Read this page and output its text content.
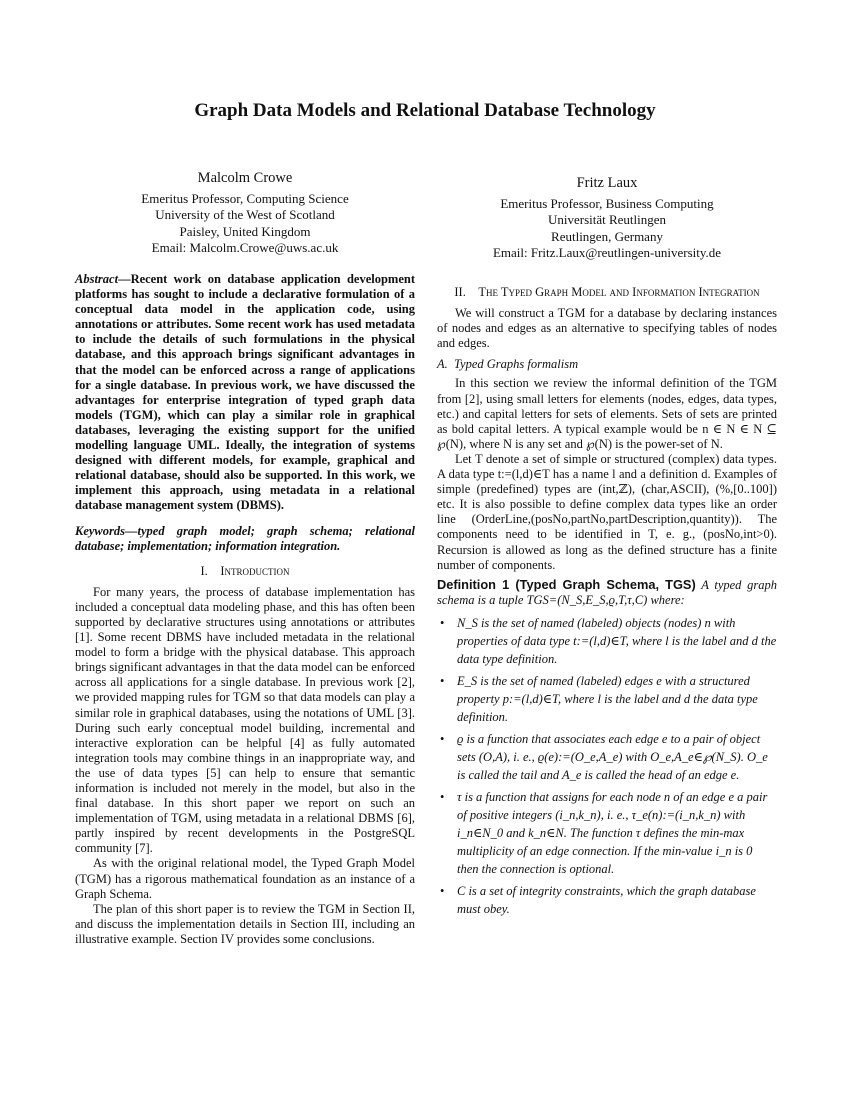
Graph Data Models and Relational Database Technology
Malcolm Crowe
Emeritus Professor, Computing Science
University of the West of Scotland
Paisley, United Kingdom
Email: Malcolm.Crowe@uws.ac.uk
Fritz Laux
Emeritus Professor, Business Computing
Universität Reutlingen
Reutlingen, Germany
Email: Fritz.Laux@reutlingen-university.de

Abstract—Recent work on database application development platforms has sought to include a declarative formulation of a conceptual data model in the application code, using annotations or attributes. Some recent work has used metadata to include the details of such formulations in the physical database, and this approach brings significant advantages in that the model can be enforced across a range of applications for a single database. In previous work, we have discussed the advantages for enterprise integration of typed graph data models (TGM), which can play a similar role in graphical databases, leveraging the existing support for the unified modelling language UML. Ideally, the integration of systems designed with different models, for example, graphical and relational database, should also be supported. In this work, we implement this approach, using metadata in a relational database management system (DBMS).

Keywords—typed graph model; graph schema; relational database; implementation; information integration.

I. Introduction

For many years, the process of database implementation has included a conceptual data modeling phase, and this has often been supported by declarative structures using annotations or attributes [1]. Some recent DBMS have included metadata in the relational model to form a bridge with the physical database. This approach brings significant advantages in that the data model can be enforced across all applications for a single database. In previous work [2], we provided mapping rules for TGM so that data models can play a similar role in graphical databases, using the notations of UML [3]. During such early conceptual model building, incremental and interactive exploration can be helpful [4] as fully automated integration tools may combine things in an inappropriate way, and the use of data types [5] can help to ensure that semantic information is included not merely in the model, but also in the final database. In this short paper we report on such an implementation of TGM, using metadata in a relational DBMS [6], partly inspired by recent developments in the PostgreSQL community [7].

As with the original relational model, the Typed Graph Model (TGM) has a rigorous mathematical foundation as an instance of a Graph Schema.

The plan of this short paper is to review the TGM in Section II, and discuss the implementation details in Section III, including an illustrative example. Section IV provides some conclusions.

II. The Typed Graph Model and Information Integration

We will construct a TGM for a database by declaring instances of nodes and edges as an alternative to specifying tables of nodes and edges.

A. Typed Graphs formalism

In this section we review the informal definition of the TGM from [2], using small letters for elements (nodes, edges, data types, etc.) and capital letters for sets of elements. Sets of sets are printed as bold capital letters. A typical example would be n ∈ N ∈ N ⊆ ℘(N), where N is any set and ℘(N) is the power-set of N.

Let T denote a set of simple or structured (complex) data types. A data type t:=(l,d)∈T has a name l and a definition d. Examples of simple (predefined) types are (int,ℤ), (char,ASCII), (%,[0..100]) etc. It is also possible to define complex data types like an order line (OrderLine,(posNo,partNo,partDescription,quantity)). The components need to be identified in T, e. g., (posNo,int>0). Recursion is allowed as long as the defined structure has a finite number of components.

Definition 1 (Typed Graph Schema, TGS) A typed graph schema is a tuple TGS=(N_S,E_S,ϱ,T,τ,C) where:

• N_S is the set of named (labeled) objects (nodes) n with properties of data type t:=(l,d)∈T, where l is the label and d the data type definition.
• E_S is the set of named (labeled) edges e with a structured property p:=(l,d)∈T, where l is the label and d the data type definition.
• ϱ is a function that associates each edge e to a pair of object sets (O,A), i. e., ϱ(e):=(O_e,A_e) with O_e,A_e∈℘(N_S). O_e is called the tail and A_e is called the head of an edge e.
• τ is a function that assigns for each node n of an edge e a pair of positive integers (i_n,k_n), i. e., τ_e(n):=(i_n,k_n) with i_n∈N_0 and k_n∈N. The function τ defines the min-max multiplicity of an edge connection. If the min-value i_n is 0 then the connection is optional.
• C is a set of integrity constraints, which the graph database must obey.
